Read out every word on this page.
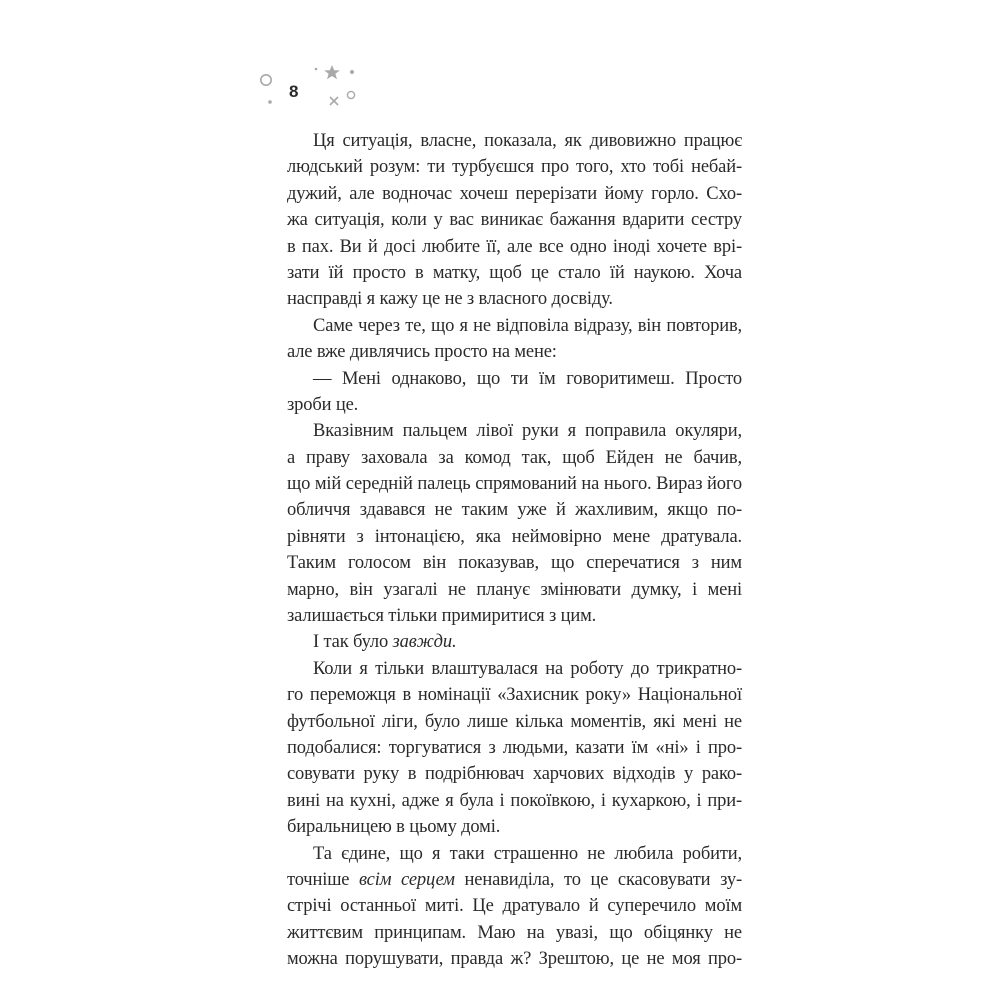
8
Ця ситуація, власне, показала, як дивовижно працює
людський розум: ти турбуєшся про того, хто тобі небай-
дужий, але водночас хочеш перерізати йому горло. Схо-
жа ситуація, коли у вас виникає бажання вдарити сестру
в пах. Ви й досі любите її, але все одно іноді хочете врі-
зати їй просто в матку, щоб це стало їй наукою. Хоча
насправді я кажу це не з власного досвіду.
Саме через те, що я не відповіла відразу, він повторив,
але вже дивлячись просто на мене:
— Мені однаково, що ти їм говоритимеш. Просто
зроби це.
Вказівним пальцем лівої руки я поправила окуляри,
а праву заховала за комод так, щоб Ейден не бачив,
що мій середній палець спрямований на нього. Вираз його
обличчя здавався не таким уже й жахливим, якщо по-
рівняти з інтонацією, яка неймовірно мене дратувала.
Таким голосом він показував, що сперечатися з ним
марно, він узагалі не планує змінювати думку, і мені
залишається тільки примиритися з цим.
І так було завжди.
Коли я тільки влаштувалася на роботу до трикратно-
го переможця в номінації «Захисник року» Національної
футбольної ліги, було лише кілька моментів, які мені не
подобалися: торгуватися з людьми, казати їм «ні» і про-
совувати руку в подрібнювач харчових відходів у рако-
вині на кухні, адже я була і покоївкою, і кухаркою, і при-
биральницею в цьому домі.
Та єдине, що я таки страшенно не любила робити,
точніше всім серцем ненавиділа, то це скасовувати зу-
стрічі останньої миті. Це дратувало й суперечило моїм
життєвим принципам. Маю на увазі, що обіцянку не
можна порушувати, правда ж? Зрештою, це не моя про-
